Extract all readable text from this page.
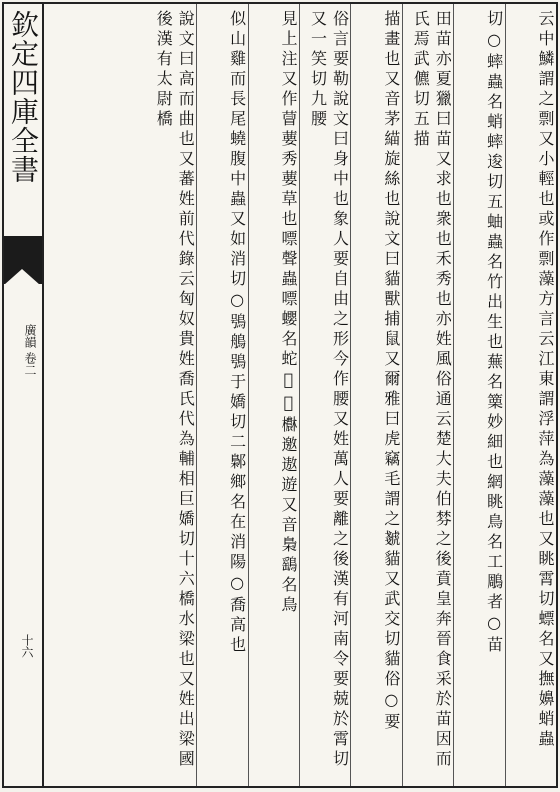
欽定四庫全書
廣韻 卷二
十六	云中鱗謂之剽又小輕也或作剽藻方言云江東謂浮萍為藻藻也又眺霄切螵名又撫嬶蛸蟲
切○蟀蟲名蛸蟀逡切五蚰蟲名竹出生也蕪名篥妙細也網眺鳥名工鵰者○苗
田苗亦夏獵曰苗又求也衆也禾秀也亦姓風俗通云楚大夫伯棼之後賁皇奔晉食采於苗因而氏焉武儦切五描
描畫也又音茅緢旋絲也說文曰貓獸捕鼠又爾雅曰虎竊毛謂之虦貓又武交切貓俗○要
俗言要勒說文曰身中也象人要自由之形今作腰又姓萬人要離之後漢有河南令要兢於霄切又一笑切九腰
見上注又作萺葽秀葽草也嘌聲蟲嘌蠳名蛇𧓍𧓍欁邀遨遊又音梟鷂名鳥
似山雞而長尾蟯腹中蟲又如消切○鴞鵃鴞于嬌切二鄡鄉名在消陽○喬高也
說文曰高而曲也又蕃姓前代錄云匈奴貴姓喬氏代為輔相巨嬌切十六橋水梁也又姓出梁國後漢有太尉橋
